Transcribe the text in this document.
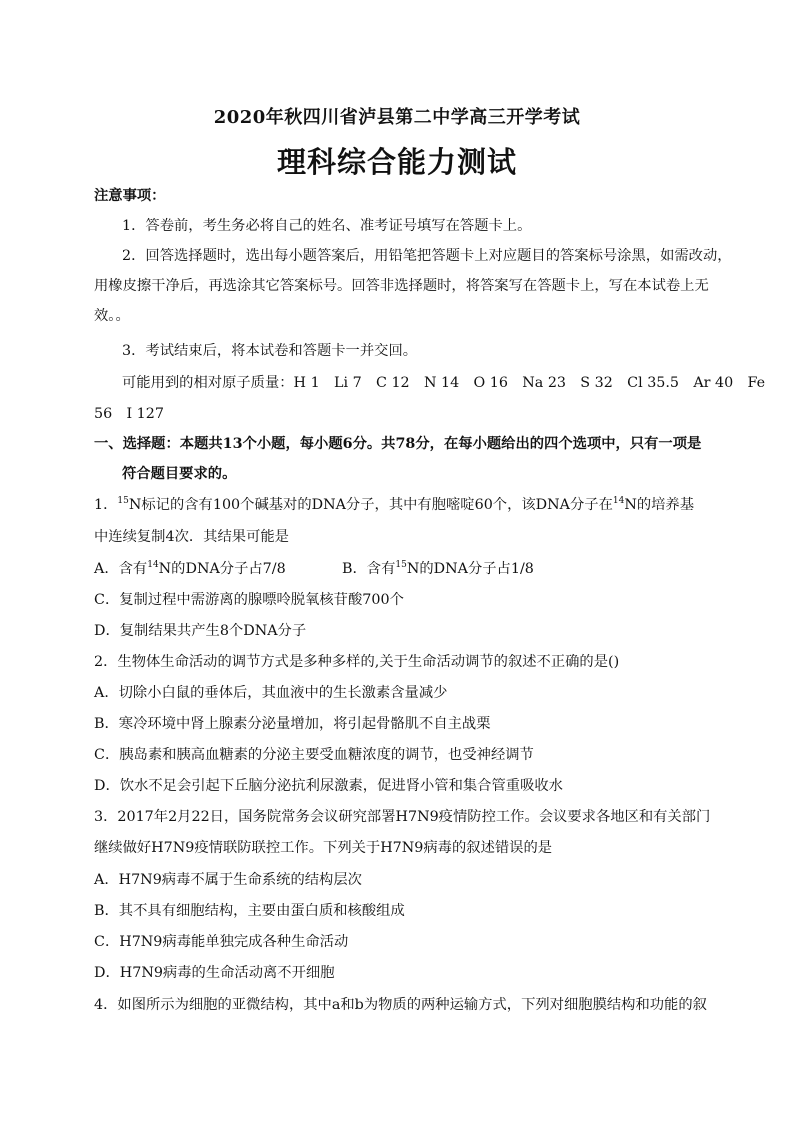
2020年秋四川省泸县第二中学高三开学考试
理科综合能力测试
注意事项：
1．答卷前，考生务必将自己的姓名、准考证号填写在答题卡上。
2．回答选择题时，选出每小题答案后，用铅笔把答题卡上对应题目的答案标号涂黑，如需改动，
用橡皮擦干净后，再选涂其它答案标号。回答非选择题时，将答案写在答题卡上，写在本试卷上无
效。。
3．考试结束后，将本试卷和答题卡一并交回。
可能用到的相对原子质量：H 1　Li 7　C 12　N 14　O 16　Na 23　S 32　Cl 35.5　Ar 40　Fe
56　I 127
一、选择题：本题共13个小题，每小题6分。共78分，在每小题给出的四个选项中，只有一项是
符合题目要求的。
1．$^{15}$N标记的含有100个碱基对的DNA分子，其中有胞嘧啶60个，该DNA分子在$^{14}$N的培养基
中连续复制4次．其结果可能是
A．含有$^{14}$N的DNA分子占7/8	B．含有$^{15}$N的DNA分子占1/8
C．复制过程中需游离的腺嘌呤脱氧核苷酸700个
D．复制结果共产生8个DNA分子
2．生物体生命活动的调节方式是多种多样的,关于生命活动调节的叙述不正确的是()
A．切除小白鼠的垂体后，其血液中的生长激素含量减少
B．寒冷环境中肾上腺素分泌量增加，将引起骨骼肌不自主战栗
C．胰岛素和胰高血糖素的分泌主要受血糖浓度的调节，也受神经调节
D．饮水不足会引起下丘脑分泌抗利尿激素，促进肾小管和集合管重吸收水
3．2017年2月22日，国务院常务会议研究部署H7N9疫情防控工作。会议要求各地区和有关部门
继续做好H7N9疫情联防联控工作。下列关于H7N9病毒的叙述错误的是
A．H7N9病毒不属于生命系统的结构层次
B．其不具有细胞结构，主要由蛋白质和核酸组成
C．H7N9病毒能单独完成各种生命活动
D．H7N9病毒的生命活动离不开细胞
4．如图所示为细胞的亚微结构，其中a和b为物质的两种运输方式，下列对细胞膜结构和功能的叙
